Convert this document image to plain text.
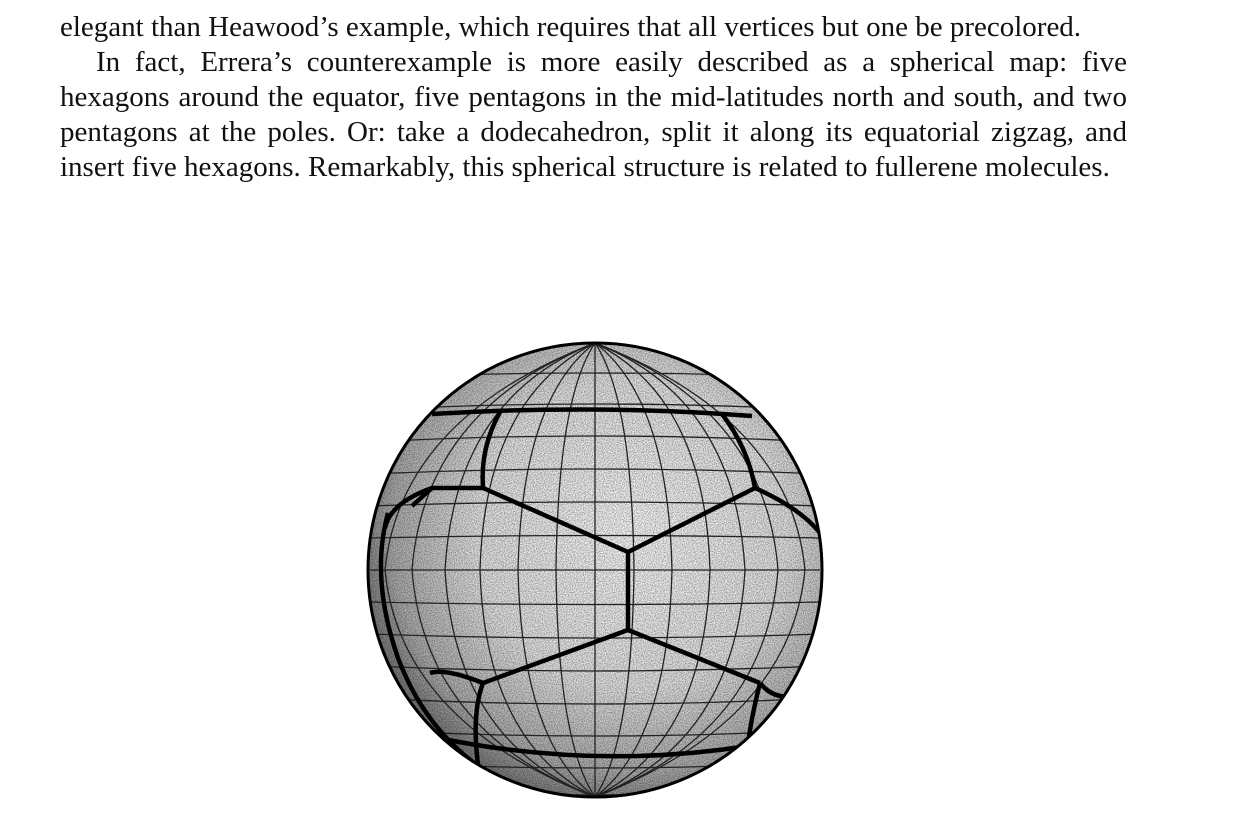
elegant than Heawood’s example, which requires that all vertices but one be precolored.

In fact, Errera’s counterexample is more easily described as a spherical map: five hexagons around the equator, five pentagons in the mid-latitudes north and south, and two pentagons at the poles. Or: take a dodecahedron, split it along its equatorial zigzag, and insert five hexagons. Remarkably, this spherical structure is related to fullerene molecules.
